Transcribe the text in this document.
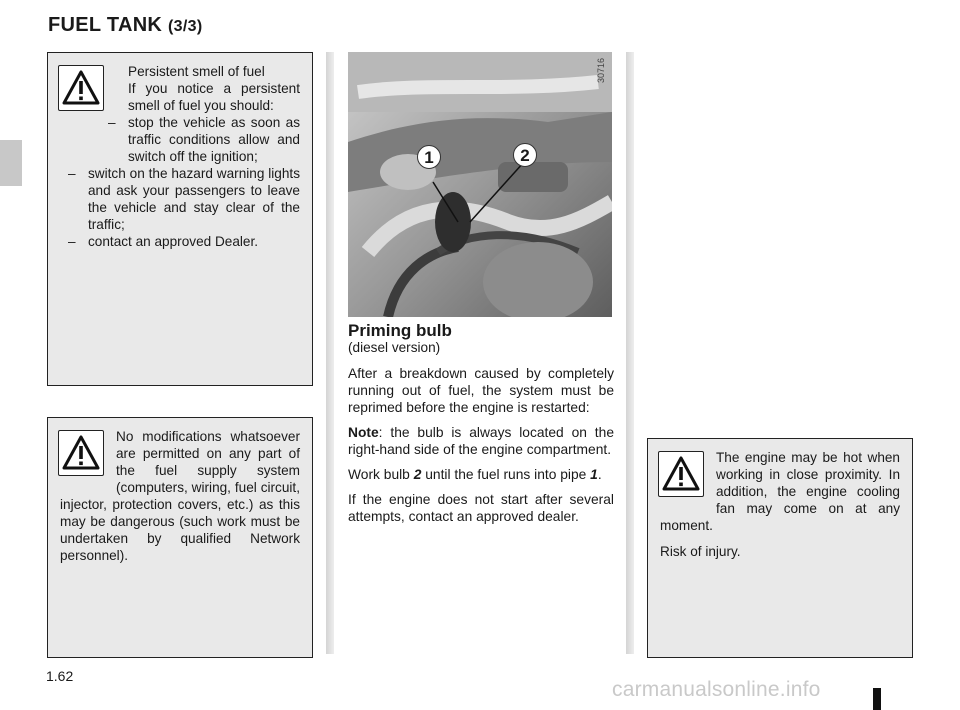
FUEL TANK (3/3)
Persistent smell of fuel
If you notice a persistent smell of fuel you should:
– stop the vehicle as soon as traffic conditions allow and switch off the ignition;
– switch on the hazard warning lights and ask your passengers to leave the vehicle and stay clear of the traffic;
– contact an approved Dealer.
No modifications whatsoever are permitted on any part of the fuel supply system (computers, wiring, fuel circuit, injector, protection covers, etc.) as this may be dangerous (such work must be undertaken by qualified Network personnel).
30716
1	2
Priming bulb
(diesel version)

After a breakdown caused by completely running out of fuel, the system must be reprimed before the engine is restarted:

Note: the bulb is always located on the right-hand side of the engine compartment.

Work bulb 2 until the fuel runs into pipe 1.

If the engine does not start after several attempts, contact an approved dealer.

The engine may be hot when working in close proximity. In addition, the engine cooling fan may come on at any moment.
Risk of injury.
1.62
carmanualsonline.info
